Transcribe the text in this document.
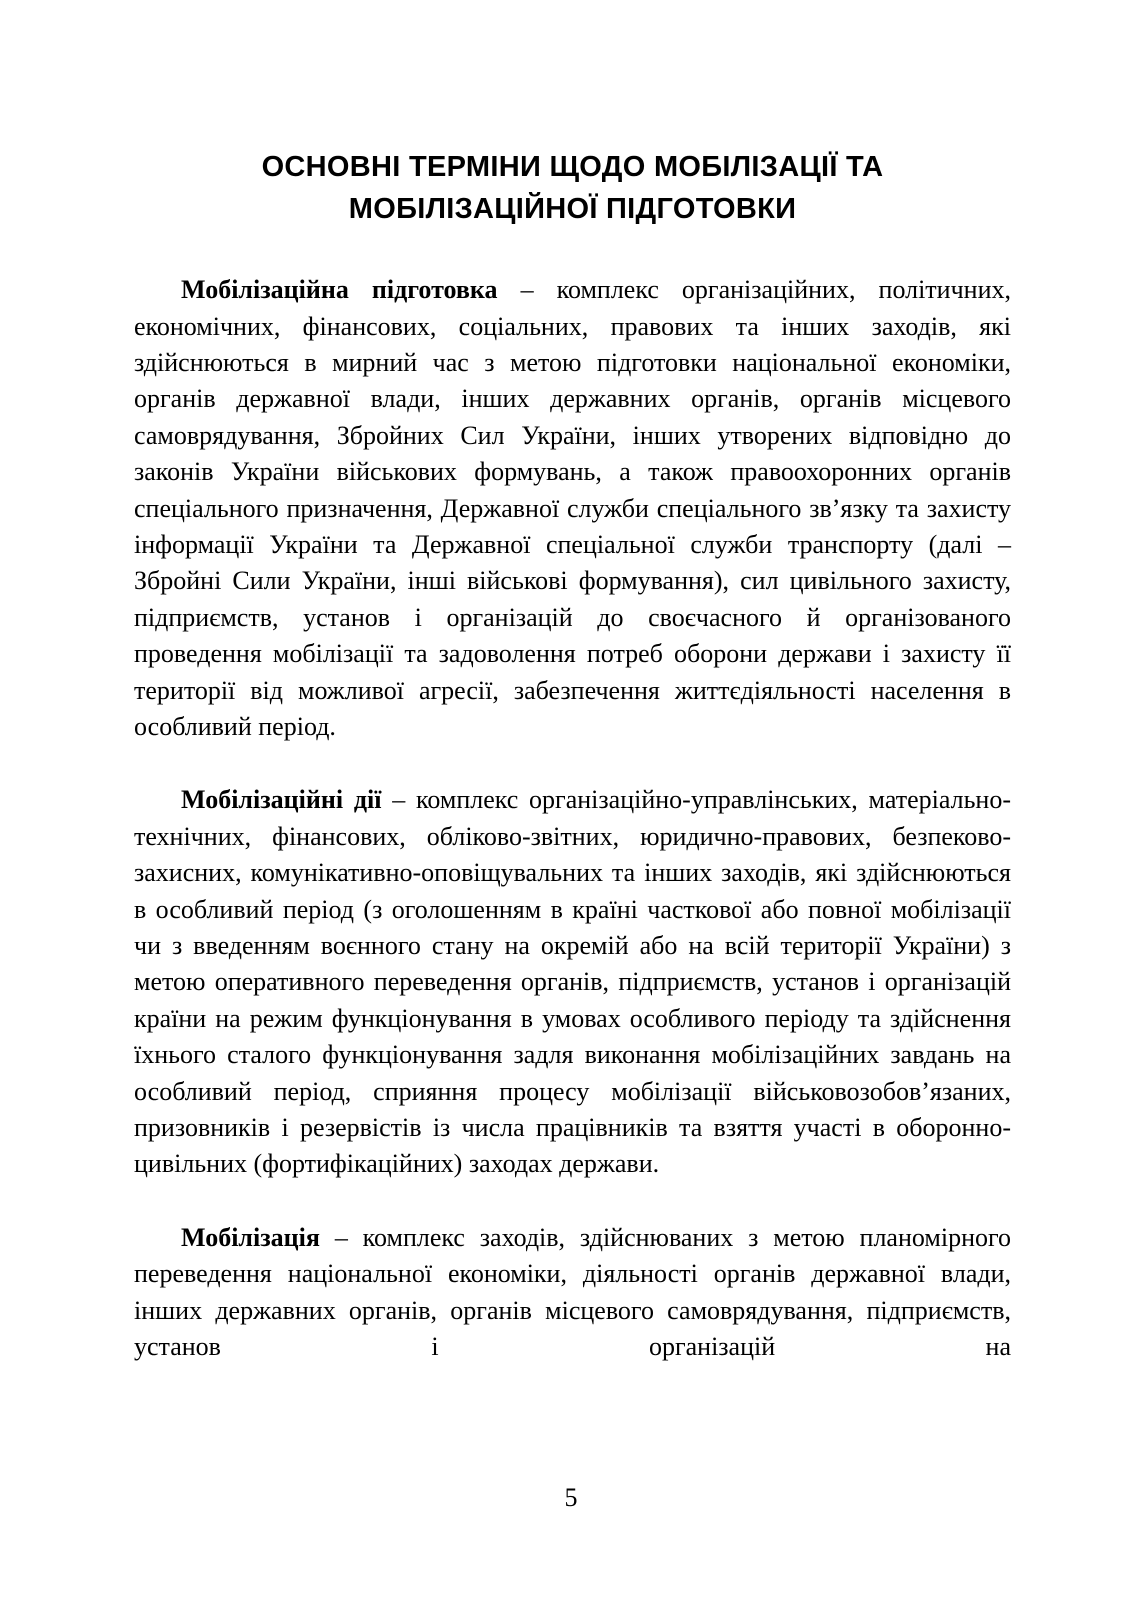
ОСНОВНІ ТЕРМІНИ ЩОДО МОБІЛІЗАЦІЇ ТА
МОБІЛІЗАЦІЙНОЇ ПІДГОТОВКИ

Мобілізаційна підготовка – комплекс організаційних, політичних, економічних, фінансових, соціальних, правових та інших заходів, які здійснюються в мирний час з метою підготовки національної економіки, органів державної влади, інших державних органів, органів місцевого самоврядування, Збройних Сил України, інших утворених відповідно до законів України військових формувань, а також правоохоронних органів спеціального призначення, Державної служби спеціального зв’язку та захисту інформації України та Державної спеціальної служби транспорту (далі – Збройні Сили України, інші військові формування), сил цивільного захисту, підприємств, установ і організацій до своєчасного й організованого проведення мобілізації та задоволення потреб оборони держави і захисту її території від можливої агресії, забезпечення життєдіяльності населення в особливий період.

Мобілізаційні дії – комплекс організаційно-управлінських, матеріально-технічних, фінансових, обліково-звітних, юридично-правових, безпеково-захисних, комунікативно-оповіщувальних та інших заходів, які здійснюються в особливий період (з оголошенням в країні часткової або повної мобілізації чи з введенням воєнного стану на окремій або на всій території України) з метою оперативного переведення органів, підприємств, установ і організацій країни на режим функціонування в умовах особливого періоду та здійснення їхнього сталого функціонування задля виконання мобілізаційних завдань на особливий період, сприяння процесу мобілізації військовозобов’язаних, призовників і резервістів із числа працівників та взяття участі в оборонно-цивільних (фортифікаційних) заходах держави.

Мобілізація – комплекс заходів, здійснюваних з метою планомірного переведення національної економіки, діяльності органів державної влади, інших державних органів, органів місцевого самоврядування, підприємств, установ і організацій на

5
